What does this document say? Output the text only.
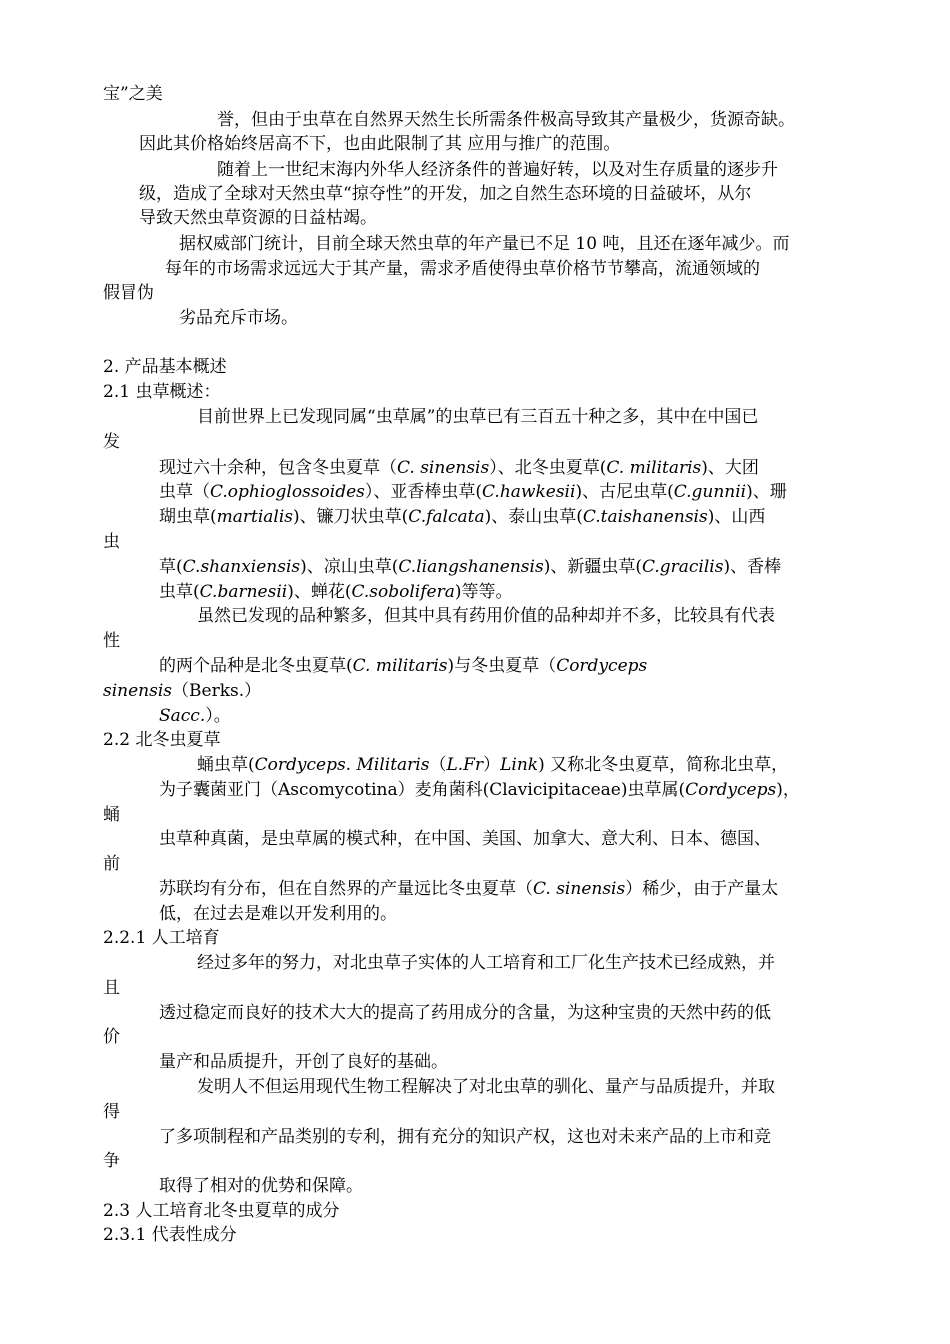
宝”之美
誉，但由于虫草在自然界天然生长所需条件极高导致其产量极少，货源奇缺。
因此其价格始终居高不下，也由此限制了其 应用与推广的范围。
随着上一世纪末海内外华人经济条件的普遍好转，以及对生存质量的逐步升
级，造成了全球对天然虫草“掠夺性”的开发，加之自然生态环境的日益破坏，从尔
导致天然虫草资源的日益枯竭。
据权威部门统计，目前全球天然虫草的年产量已不足 10 吨，且还在逐年减少。而
每年的市场需求远远大于其产量，需求矛盾使得虫草价格节节攀高，流通领域的
假冒伪
劣品充斥市场。
2. 产品基本概述
2.1 虫草概述：
目前世界上已发现同属“虫草属”的虫草已有三百五十种之多，其中在中国已
发
现过六十余种，包含冬虫夏草（C. sinensis）、北冬虫夏草(C. militaris)、大团
虫草（C.ophioglossoides）、亚香棒虫草(C.hawkesii)、古尼虫草(C.gunnii)、珊
瑚虫草(martialis)、镰刀状虫草(C.falcata)、泰山虫草(C.taishanensis)、山西
虫
草(C.shanxiensis)、凉山虫草(C.liangshanensis)、新疆虫草(C.gracilis)、香棒
虫草(C.barnesii)、蝉花(C.sobolifera)等等。
虽然已发现的品种繁多，但其中具有药用价值的品种却并不多，比较具有代表
性
的两个品种是北冬虫夏草(C. militaris)与冬虫夏草（Cordyceps
sinensis（Berks.）
Sacc.）。
2.2 北冬虫夏草
蛹虫草(Cordyceps. Militaris（L.Fr）Link) 又称北冬虫夏草，简称北虫草，
为子囊菌亚门（Ascomycotina）麦角菌科(Clavicipitaceae)虫草属(Cordyceps)，
蛹
虫草种真菌，是虫草属的模式种，在中国、美国、加拿大、意大利、日本、德国、
前
苏联均有分布，但在自然界的产量远比冬虫夏草（C. sinensis）稀少，由于产量太
低，在过去是难以开发利用的。
2.2.1 人工培育
经过多年的努力，对北虫草子实体的人工培育和工厂化生产技术已经成熟，并
且
透过稳定而良好的技术大大的提高了药用成分的含量，为这种宝贵的天然中药的低
价
量产和品质提升，开创了良好的基础。
发明人不但运用现代生物工程解决了对北虫草的驯化、量产与品质提升，并取
得
了多项制程和产品类别的专利，拥有充分的知识产权，这也对未来产品的上市和竞
争
取得了相对的优势和保障。
2.3 人工培育北冬虫夏草的成分
2.3.1 代表性成分
